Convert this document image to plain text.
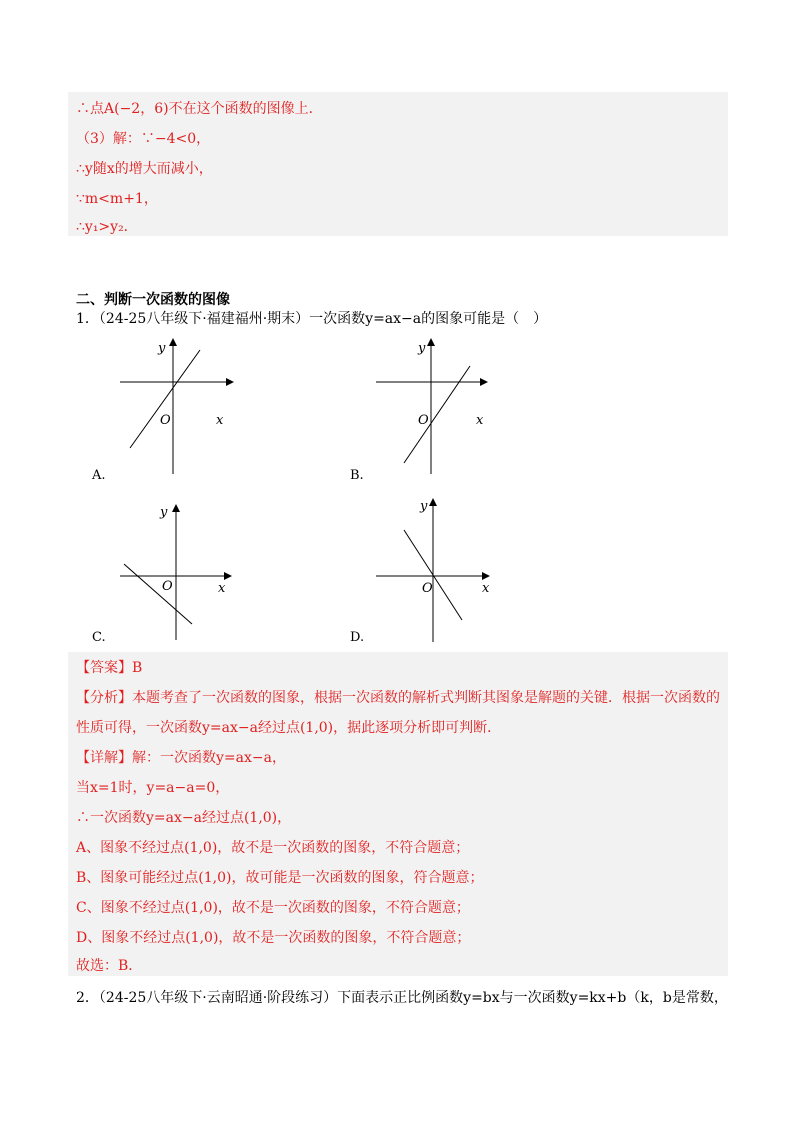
∴点A(−2，6)不在这个函数的图像上．
（3）解：∵−4<0，
∴y随x的增大而减小，
∵m<m+1，
∴y₁>y₂．
二、判断一次函数的图像
1．（24-25八年级下·福建福州·期末）一次函数y=ax−a的图象可能是（　）
y
x
O
A.
y
x
O
B.
y
x
O
C.
y
x
O
D.
【答案】B
【分析】本题考查了一次函数的图象，根据一次函数的解析式判断其图象是解题的关键．根据一次函数的
性质可得，一次函数y=ax−a经过点(1,0)，据此逐项分析即可判断．
【详解】解：一次函数y=ax−a，
当x=1时，y=a−a=0，
∴一次函数y=ax−a经过点(1,0)，
A、图象不经过点(1,0)，故不是一次函数的图象，不符合题意；
B、图象可能经过点(1,0)，故可能是一次函数的图象，符合题意；
C、图象不经过点(1,0)，故不是一次函数的图象，不符合题意；
D、图象不经过点(1,0)，故不是一次函数的图象，不符合题意；
故选：B．
2．（24-25八年级下·云南昭通·阶段练习）下面表示正比例函数y=bx与一次函数y=kx+b（k，b是常数，
